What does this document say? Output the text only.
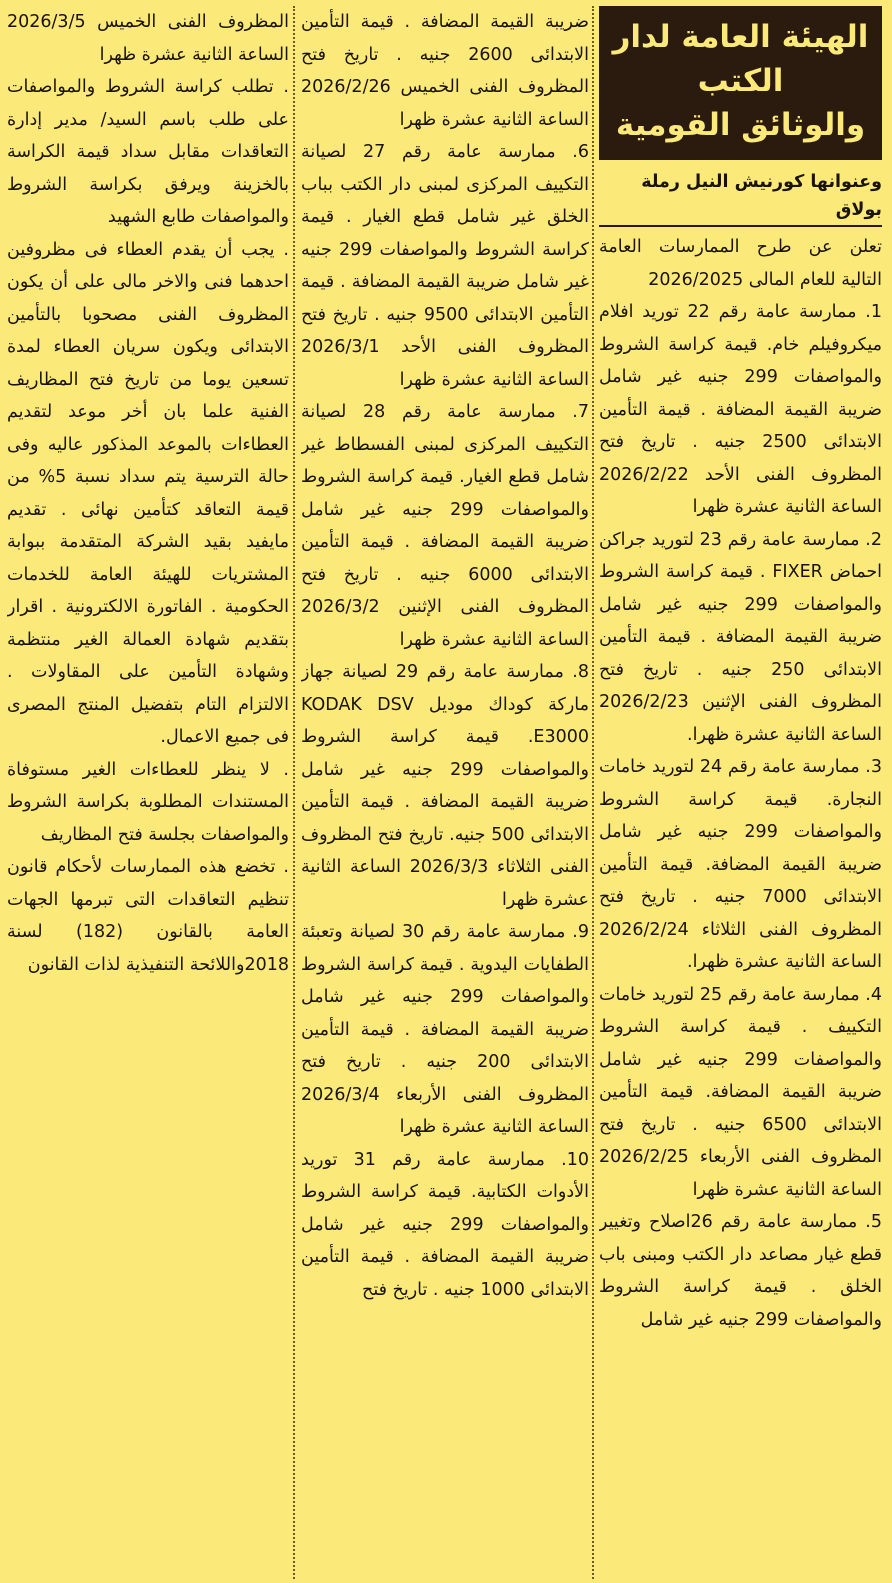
الهيئة العامة لدار الكتب
والوثائق القومية
وعنوانها كورنيش النيل رملة بولاق

تعلن عن طرح الممارسات العامة التالية للعام المالى 2026/2025

1. ممارسة عامة رقم 22 توريد افلام ميكروفيلم خام. قيمة كراسة الشروط والمواصفات 299 جنيه غير شامل ضريبة القيمة المضافة . قيمة التأمين الابتدائى 2500 جنيه . تاريخ فتح المظروف الفنى الأحد 2026/2/22 الساعة الثانية عشرة ظهرا

2. ممارسة عامة رقم 23 لتوريد جراكن احماض FIXER . قيمة كراسة الشروط والمواصفات 299 جنيه غير شامل ضريبة القيمة المضافة . قيمة التأمين الابتدائى 250 جنيه . تاريخ فتح المظروف الفنى الإثنين 2026/2/23 الساعة الثانية عشرة ظهرا.

3. ممارسة عامة رقم 24 لتوريد خامات النجارة. قيمة كراسة الشروط والمواصفات 299 جنيه غير شامل ضريبة القيمة المضافة. قيمة التأمين الابتدائى 7000 جنيه . تاريخ فتح المظروف الفنى الثلاثاء 2026/2/24 الساعة الثانية عشرة ظهرا.

4. ممارسة عامة رقم 25 لتوريد خامات التكييف . قيمة كراسة الشروط والمواصفات 299 جنيه غير شامل ضريبة القيمة المضافة. قيمة التأمين الابتدائى 6500 جنيه . تاريخ فتح المظروف الفنى الأربعاء 2026/2/25 الساعة الثانية عشرة ظهرا

5. ممارسة عامة رقم 26اصلاح وتغيير قطع غيار مصاعد دار الكتب ومبنى باب الخلق . قيمة كراسة الشروط والمواصفات 299 جنيه غير شامل

ضريبة القيمة المضافة . قيمة التأمين الابتدائى 2600 جنيه . تاريخ فتح المظروف الفنى الخميس 2026/2/26 الساعة الثانية عشرة ظهرا

6. ممارسة عامة رقم 27 لصيانة التكييف المركزى لمبنى دار الكتب بباب الخلق غير شامل قطع الغيار . قيمة كراسة الشروط والمواصفات 299 جنيه غير شامل ضريبة القيمة المضافة . قيمة التأمين الابتدائى 9500 جنيه . تاريخ فتح المظروف الفنى الأحد 2026/3/1 الساعة الثانية عشرة ظهرا

7. ممارسة عامة رقم 28 لصيانة التكييف المركزى لمبنى الفسطاط غير شامل قطع الغيار. قيمة كراسة الشروط والمواصفات 299 جنيه غير شامل ضريبة القيمة المضافة . قيمة التأمين الابتدائى 6000 جنيه . تاريخ فتح المظروف الفنى الإثنين 2026/3/2 الساعة الثانية عشرة ظهرا

8. ممارسة عامة رقم 29 لصيانة جهاز ماركة كوداك موديل KODAK DSV E3000. قيمة كراسة الشروط والمواصفات 299 جنيه غير شامل ضريبة القيمة المضافة . قيمة التأمين الابتدائى 500 جنيه. تاريخ فتح المظروف الفنى الثلاثاء 2026/3/3 الساعة الثانية عشرة ظهرا

9. ممارسة عامة رقم 30 لصيانة وتعبئة الطفايات اليدوية . قيمة كراسة الشروط والمواصفات 299 جنيه غير شامل ضريبة القيمة المضافة . قيمة التأمين الابتدائى 200 جنيه . تاريخ فتح المظروف الفنى الأربعاء 2026/3/4 الساعة الثانية عشرة ظهرا

10. ممارسة عامة رقم 31 توريد الأدوات الكتابية. قيمة كراسة الشروط والمواصفات 299 جنيه غير شامل ضريبة القيمة المضافة . قيمة التأمين الابتدائى 1000 جنيه . تاريخ فتح

المظروف الفنى الخميس 2026/3/5 الساعة الثانية عشرة ظهرا

. تطلب كراسة الشروط والمواصفات على طلب باسم السيد/ مدير إدارة التعاقدات مقابل سداد قيمة الكراسة بالخزينة ويرفق بكراسة الشروط والمواصفات طابع الشهيد

. يجب أن يقدم العطاء فى مظروفين احدهما فنى والاخر مالى على أن يكون المظروف الفنى مصحوبا بالتأمين الابتدائى ويكون سريان العطاء لمدة تسعين يوما من تاريخ فتح المظاريف الفنية علما بان أخر موعد لتقديم العطاءات بالموعد المذكور عاليه وفى حالة الترسية يتم سداد نسبة 5% من قيمة التعاقد كتأمين نهائى . تقديم مايفيد بقيد الشركة المتقدمة ببوابة المشتريات للهيئة العامة للخدمات الحكومية . الفاتورة الالكترونية . اقرار بتقديم شهادة العمالة الغير منتظمة وشهادة التأمين على المقاولات . الالتزام التام بتفضيل المنتج المصرى فى جميع الاعمال.

. لا ينظر للعطاءات الغير مستوفاة المستندات المطلوبة بكراسة الشروط والمواصفات بجلسة فتح المظاريف

. تخضع هذه الممارسات لأحكام قانون تنظيم التعاقدات التى تبرمها الجهات العامة بالقانون (182) لسنة 2018واللائحة التنفيذية لذات القانون
